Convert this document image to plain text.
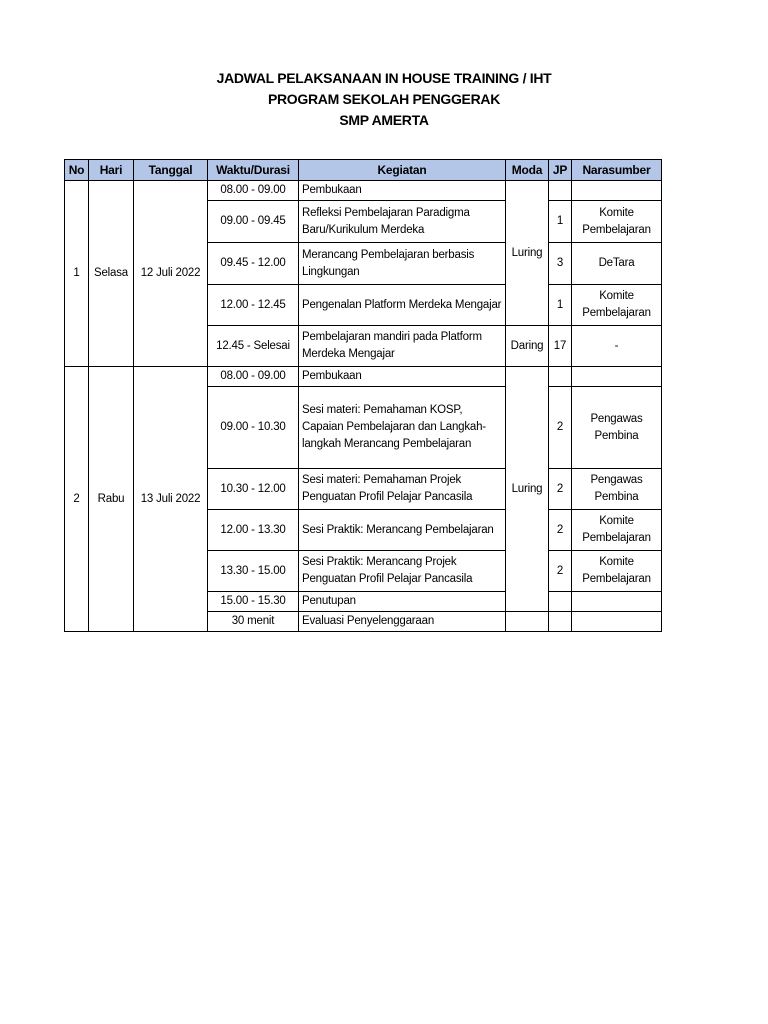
JADWAL PELAKSANAAN IN HOUSE TRAINING / IHT
PROGRAM SEKOLAH PENGGERAK
SMP AMERTA
No	Hari	Tanggal	Waktu/Durasi	Kegiatan	Moda	JP	Narasumber
1	Selasa	12 Juli 2022	08.00 - 09.00	Pembukaan	Luring		
			09.00 - 09.45	Refleksi Pembelajaran Paradigma Baru/Kurikulum Merdeka		1	Komite Pembelajaran
			09.45 - 12.00	Merancang Pembelajaran berbasis Lingkungan		3	DeTara
			12.00 - 12.45	Pengenalan Platform Merdeka Mengajar		1	Komite Pembelajaran
			12.45 - Selesai	Pembelajaran mandiri pada Platform Merdeka Mengajar	Daring	17	-
2	Rabu	13 Juli 2022	08.00 - 09.00	Pembukaan	Luring		
			09.00 - 10.30	Sesi materi: Pemahaman KOSP, Capaian Pembelajaran dan Langkah-langkah Merancang Pembelajaran		2	Pengawas Pembina
			10.30 - 12.00	Sesi materi: Pemahaman Projek Penguatan Profil Pelajar Pancasila		2	Pengawas Pembina
			12.00 - 13.30	Sesi Praktik: Merancang Pembelajaran		2	Komite Pembelajaran
			13.30 - 15.00	Sesi Praktik: Merancang Projek Penguatan Profil Pelajar Pancasila		2	Komite Pembelajaran
			15.00 - 15.30	Penutupan			
			30 menit	Evaluasi Penyelenggaraan			
